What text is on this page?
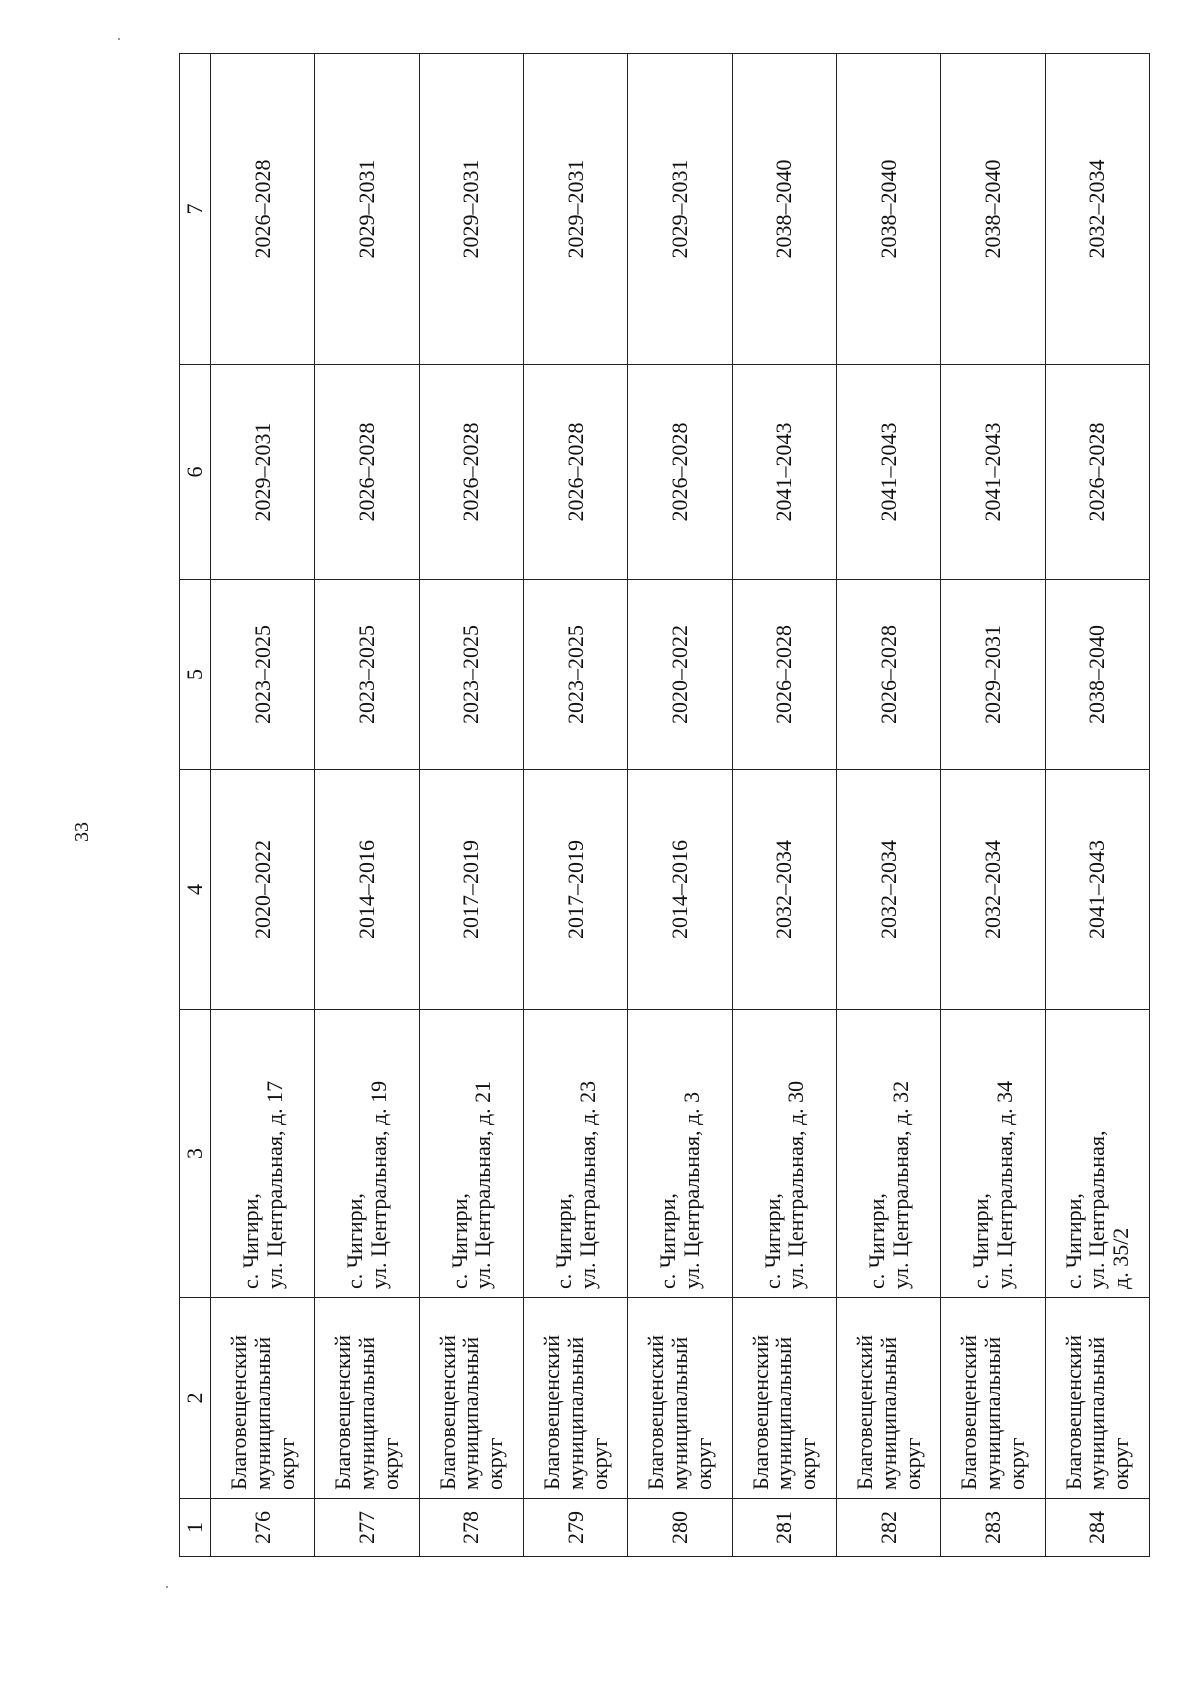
33
1	2	3	4	5	6	7
276	Благовещенский
муниципальный
округ	с. Чигири,
ул. Центральная, д. 17	2020–2022	2023–2025	2029–2031	2026–2028
277	Благовещенский
муниципальный
округ	с. Чигири,
ул. Центральная, д. 19	2014–2016	2023–2025	2026–2028	2029–2031
278	Благовещенский
муниципальный
округ	с. Чигири,
ул. Центральная, д. 21	2017–2019	2023–2025	2026–2028	2029–2031
279	Благовещенский
муниципальный
округ	с. Чигири,
ул. Центральная, д. 23	2017–2019	2023–2025	2026–2028	2029–2031
280	Благовещенский
муниципальный
округ	с. Чигири,
ул. Центральная, д. 3	2014–2016	2020–2022	2026–2028	2029–2031
281	Благовещенский
муниципальный
округ	с. Чигири,
ул. Центральная, д. 30	2032–2034	2026–2028	2041–2043	2038–2040
282	Благовещенский
муниципальный
округ	с. Чигири,
ул. Центральная, д. 32	2032–2034	2026–2028	2041–2043	2038–2040
283	Благовещенский
муниципальный
округ	с. Чигири,
ул. Центральная, д. 34	2032–2034	2029–2031	2041–2043	2038–2040
284	Благовещенский
муниципальный
округ	с. Чигири,
ул. Центральная,
д. 35/2	2041–2043	2038–2040	2026–2028	2032–2034
